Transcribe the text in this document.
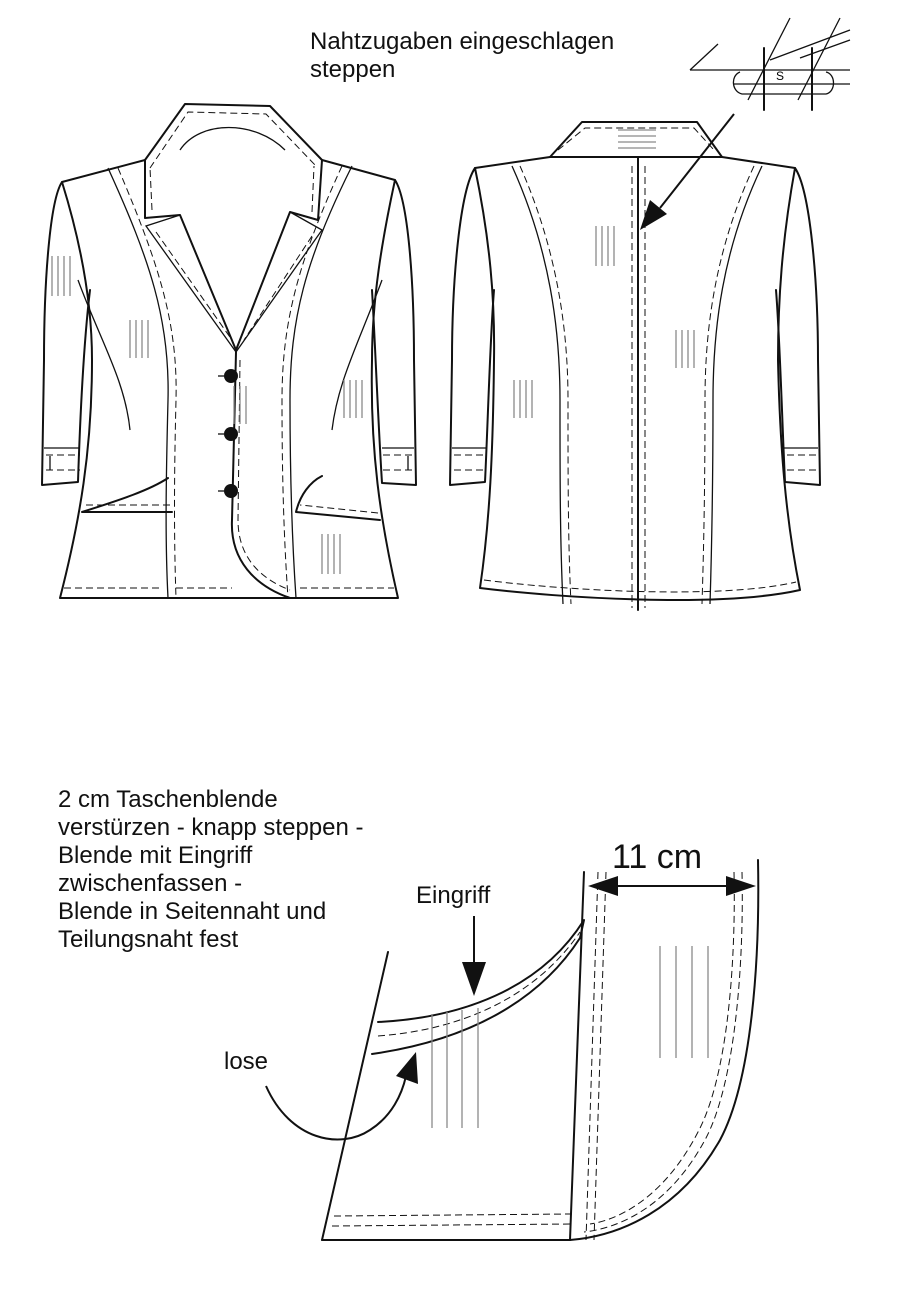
Nahtzugaben eingeschlagen steppen
2 cm Taschenblende
verstürzen - knapp steppen -
Blende mit Eingriff
zwischenfassen -
Blende in Seitennaht und
Teilungsnaht fest
Eingriff
lose
11 cm
S
